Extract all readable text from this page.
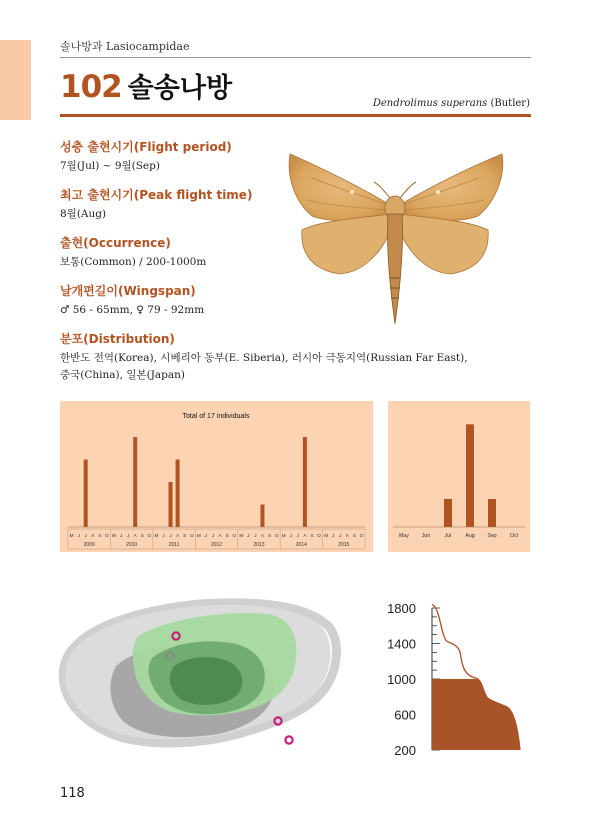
솔나방과 Lasiocampidae
102 솔송나방	Dendrolimus superans (Butler)
성충 출현시기(Flight period)

7월(Jul) ~ 9월(Sep)

최고 출현시기(Peak flight time)

8월(Aug)

출현(Occurrence)

보통(Common) / 200-1000m

날개편길이(Wingspan)

♂ 56 - 65mm, ♀ 79 - 92mm

분포(Distribution)

한반도 전역(Korea), 시베리아 동부(E. Siberia), 러시아 극동지역(Russian Far East),

중국(China), 일본(Japan)

Total of 17 individuals
M J J A S O M J J A S O M J J A S O M J J A S O M J J A S O M J J A S O M J J A S O
2009	2010	2011	2012	2013	2014	2015
May Jun	Jul	Aug Sep	Oct
200
600
1000
1400
1800
118
